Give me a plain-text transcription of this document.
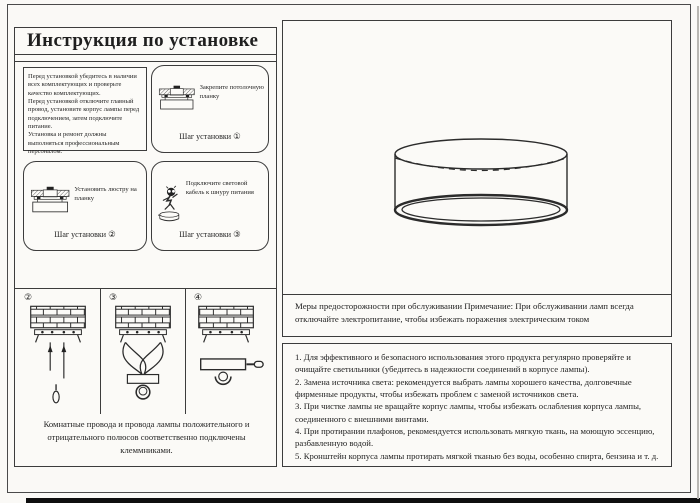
Инструкция по установке

Перед установкой убедитесь в наличии всех комплектующих и проверьте качество комплектующих.

Перед установкой отключите главный провод, установите корпус лампы перед подключением, затем подключите питание.

Установка и ремонт должны выполняться профессиональным персоналом.

Закрепите потолочную планку
Шаг установки ①
Установить люстру на планку
Шаг установки ②
Подключите световой кабель к шнуру питания
Шаг установки ③
②	③	④
Комнатные провода и провода лампы положительного и отрицательного полюсов соответственно подключены клеммниками.
Меры предосторожности при обслуживании Примечание: При обслуживании ламп всегда отключайте электропитание, чтобы избежать поражения электрическим током

1. Для эффективного и безопасного использования этого продукта регулярно проверяйте и очищайте светильники (убедитесь в надежности соединений в корпусе лампы).

2. Замена источника света: рекомендуется выбрать лампы хорошего качества, долговечные фирменные продукты, чтобы избежать проблем с заменой источников света.

3. При чистке лампы не вращайте корпус лампы, чтобы избежать ослабления корпуса лампы, соединенного с внешними винтами.

4. При протирании плафонов, рекомендуется использовать мягкую ткань, на моющую эссенцию, разбавленную водой.

5. Кронштейн корпуса лампы протирать мягкой тканью без воды, особенно спирта, бензина и т. д.
